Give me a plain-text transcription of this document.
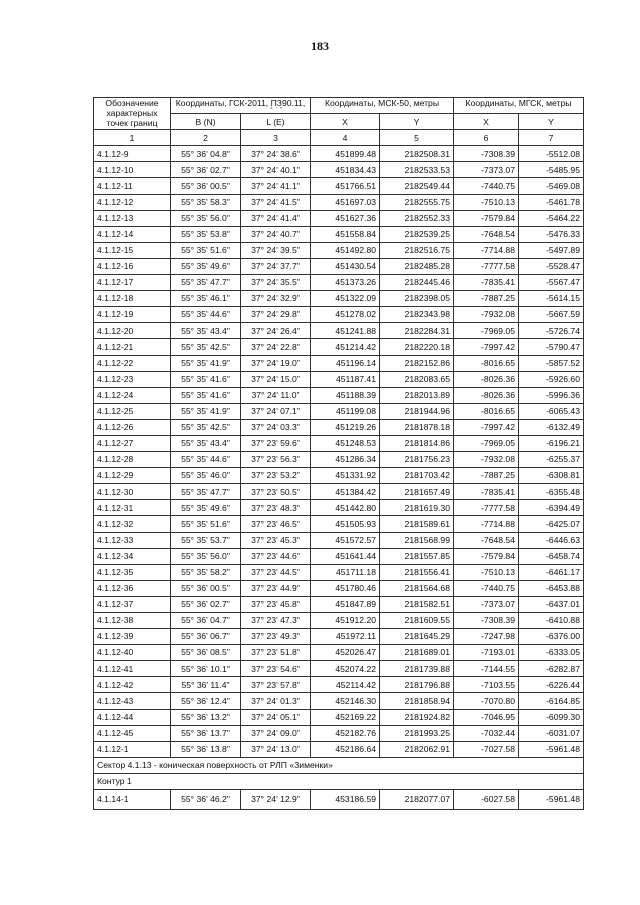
183
Обозначение характерных точек границ	Координаты, ГСК-2011, ПЗ90.11,
° ' "		Координаты, МСК-50, метры		Координаты, МГСК, метры	
	B (N)	L (E)	X	Y	X	Y
1	2	3	4	5	6	7
4.1.12-9	55° 36' 04.8"	37° 24' 38.6"	451899.48	2182508.31	-7308.39	-5512.08
4.1.12-10	55° 36' 02.7"	37° 24' 40.1"	451834.43	2182533.53	-7373.07	-5485.95
4.1.12-11	55° 36' 00.5"	37° 24' 41.1"	451766.51	2182549.44	-7440.75	-5469.08
4.1.12-12	55° 35' 58.3"	37° 24' 41.5"	451697.03	2182555.75	-7510.13	-5461.78
4.1.12-13	55° 35' 56.0"	37° 24' 41.4"	451627.36	2182552.33	-7579.84	-5464.22
4.1.12-14	55° 35' 53.8"	37° 24' 40.7"	451558.84	2182539.25	-7648.54	-5476.33
4.1.12-15	55° 35' 51.6"	37° 24' 39.5"	451492.80	2182516.75	-7714.88	-5497.89
4.1.12-16	55° 35' 49.6"	37° 24' 37.7"	451430.54	2182485.28	-7777.58	-5528.47
4.1.12-17	55° 35' 47.7"	37° 24' 35.5"	451373.26	2182445.46	-7835.41	-5567.47
4.1.12-18	55° 35' 46.1"	37° 24' 32.9"	451322.09	2182398.05	-7887.25	-5614.15
4.1.12-19	55° 35' 44.6"	37° 24' 29.8"	451278.02	2182343.98	-7932.08	-5667.59
4.1.12-20	55° 35' 43.4"	37° 24' 26.4"	451241.88	2182284.31	-7969.05	-5726.74
4.1.12-21	55° 35' 42.5"	37° 24' 22.8"	451214.42	2182220.18	-7997.42	-5790.47
4.1.12-22	55° 35' 41.9"	37° 24' 19.0"	451196.14	2182152.86	-8016.65	-5857.52
4.1.12-23	55° 35' 41.6"	37° 24' 15.0"	451187.41	2182083.65	-8026.36	-5926.60
4.1.12-24	55° 35' 41.6"	37° 24' 11.0"	451188.39	2182013.89	-8026.36	-5996.36
4.1.12-25	55° 35' 41.9"	37° 24' 07.1"	451199.08	2181944.96	-8016.65	-6065.43
4.1.12-26	55° 35' 42.5"	37° 24' 03.3"	451219.26	2181878.18	-7997.42	-6132.49
4.1.12-27	55° 35' 43.4"	37° 23' 59.6"	451248.53	2181814.86	-7969.05	-6196.21
4.1.12-28	55° 35' 44.6"	37° 23' 56.3"	451286.34	2181756.23	-7932.08	-6255.37
4.1.12-29	55° 35' 46.0"	37° 23' 53.2"	451331.92	2181703.42	-7887.25	-6308.81
4.1.12-30	55° 35' 47.7"	37° 23' 50.5"	451384.42	2181657.49	-7835.41	-6355.48
4.1.12-31	55° 35' 49.6"	37° 23' 48.3"	451442.80	2181619.30	-7777.58	-6394.49
4.1.12-32	55° 35' 51.6"	37° 23' 46.5"	451505.93	2181589.61	-7714.88	-6425.07
4.1.12-33	55° 35' 53.7"	37° 23' 45.3"	451572.57	2181568.99	-7648.54	-6446.63
4.1.12-34	55° 35' 56.0"	37° 23' 44.6"	451641.44	2181557.85	-7579.84	-6458.74
4.1.12-35	55° 35' 58.2"	37° 23' 44.5"	451711.18	2181556.41	-7510.13	-6461.17
4.1.12-36	55° 36' 00.5"	37° 23' 44.9"	451780.46	2181564.68	-7440.75	-6453.88
4.1.12-37	55° 36' 02.7"	37° 23' 45.8"	451847.89	2181582.51	-7373.07	-6437.01
4.1.12-38	55° 36' 04.7"	37° 23' 47.3"	451912.20	2181609.55	-7308.39	-6410.88
4.1.12-39	55° 36' 06.7"	37° 23' 49.3"	451972.11	2181645.29	-7247.98	-6376.00
4.1.12-40	55° 36' 08.5"	37° 23' 51.8"	452026.47	2181689.01	-7193.01	-6333.05
4.1.12-41	55° 36' 10.1"	37° 23' 54.6"	452074.22	2181739.88	-7144.55	-6282.87
4.1.12-42	55° 36' 11.4"	37° 23' 57.8"	452114.42	2181796.88	-7103.55	-6226.44
4.1.12-43	55° 36' 12.4"	37° 24' 01.3"	452146.30	2181858.94	-7070.80	-6164.85
4.1.12-44	55° 36' 13.2"	37° 24' 05.1"	452169.22	2181924.82	-7046.95	-6099.30
4.1.12-45	55° 36' 13.7"	37° 24' 09.0"	452182.76	2181993.25	-7032.44	-6031.07
4.1.12-1	55° 36' 13.8"	37° 24' 13.0"	452186.64	2182062.91	-7027.58	-5961.48
Сектор 4.1.13 - коническая поверхность от РЛП «Зименки»						
Контур 1						
4.1.14-1	55° 36' 46.2"	37° 24' 12.9"	453186.59	2182077.07	-6027.58	-5961.48
